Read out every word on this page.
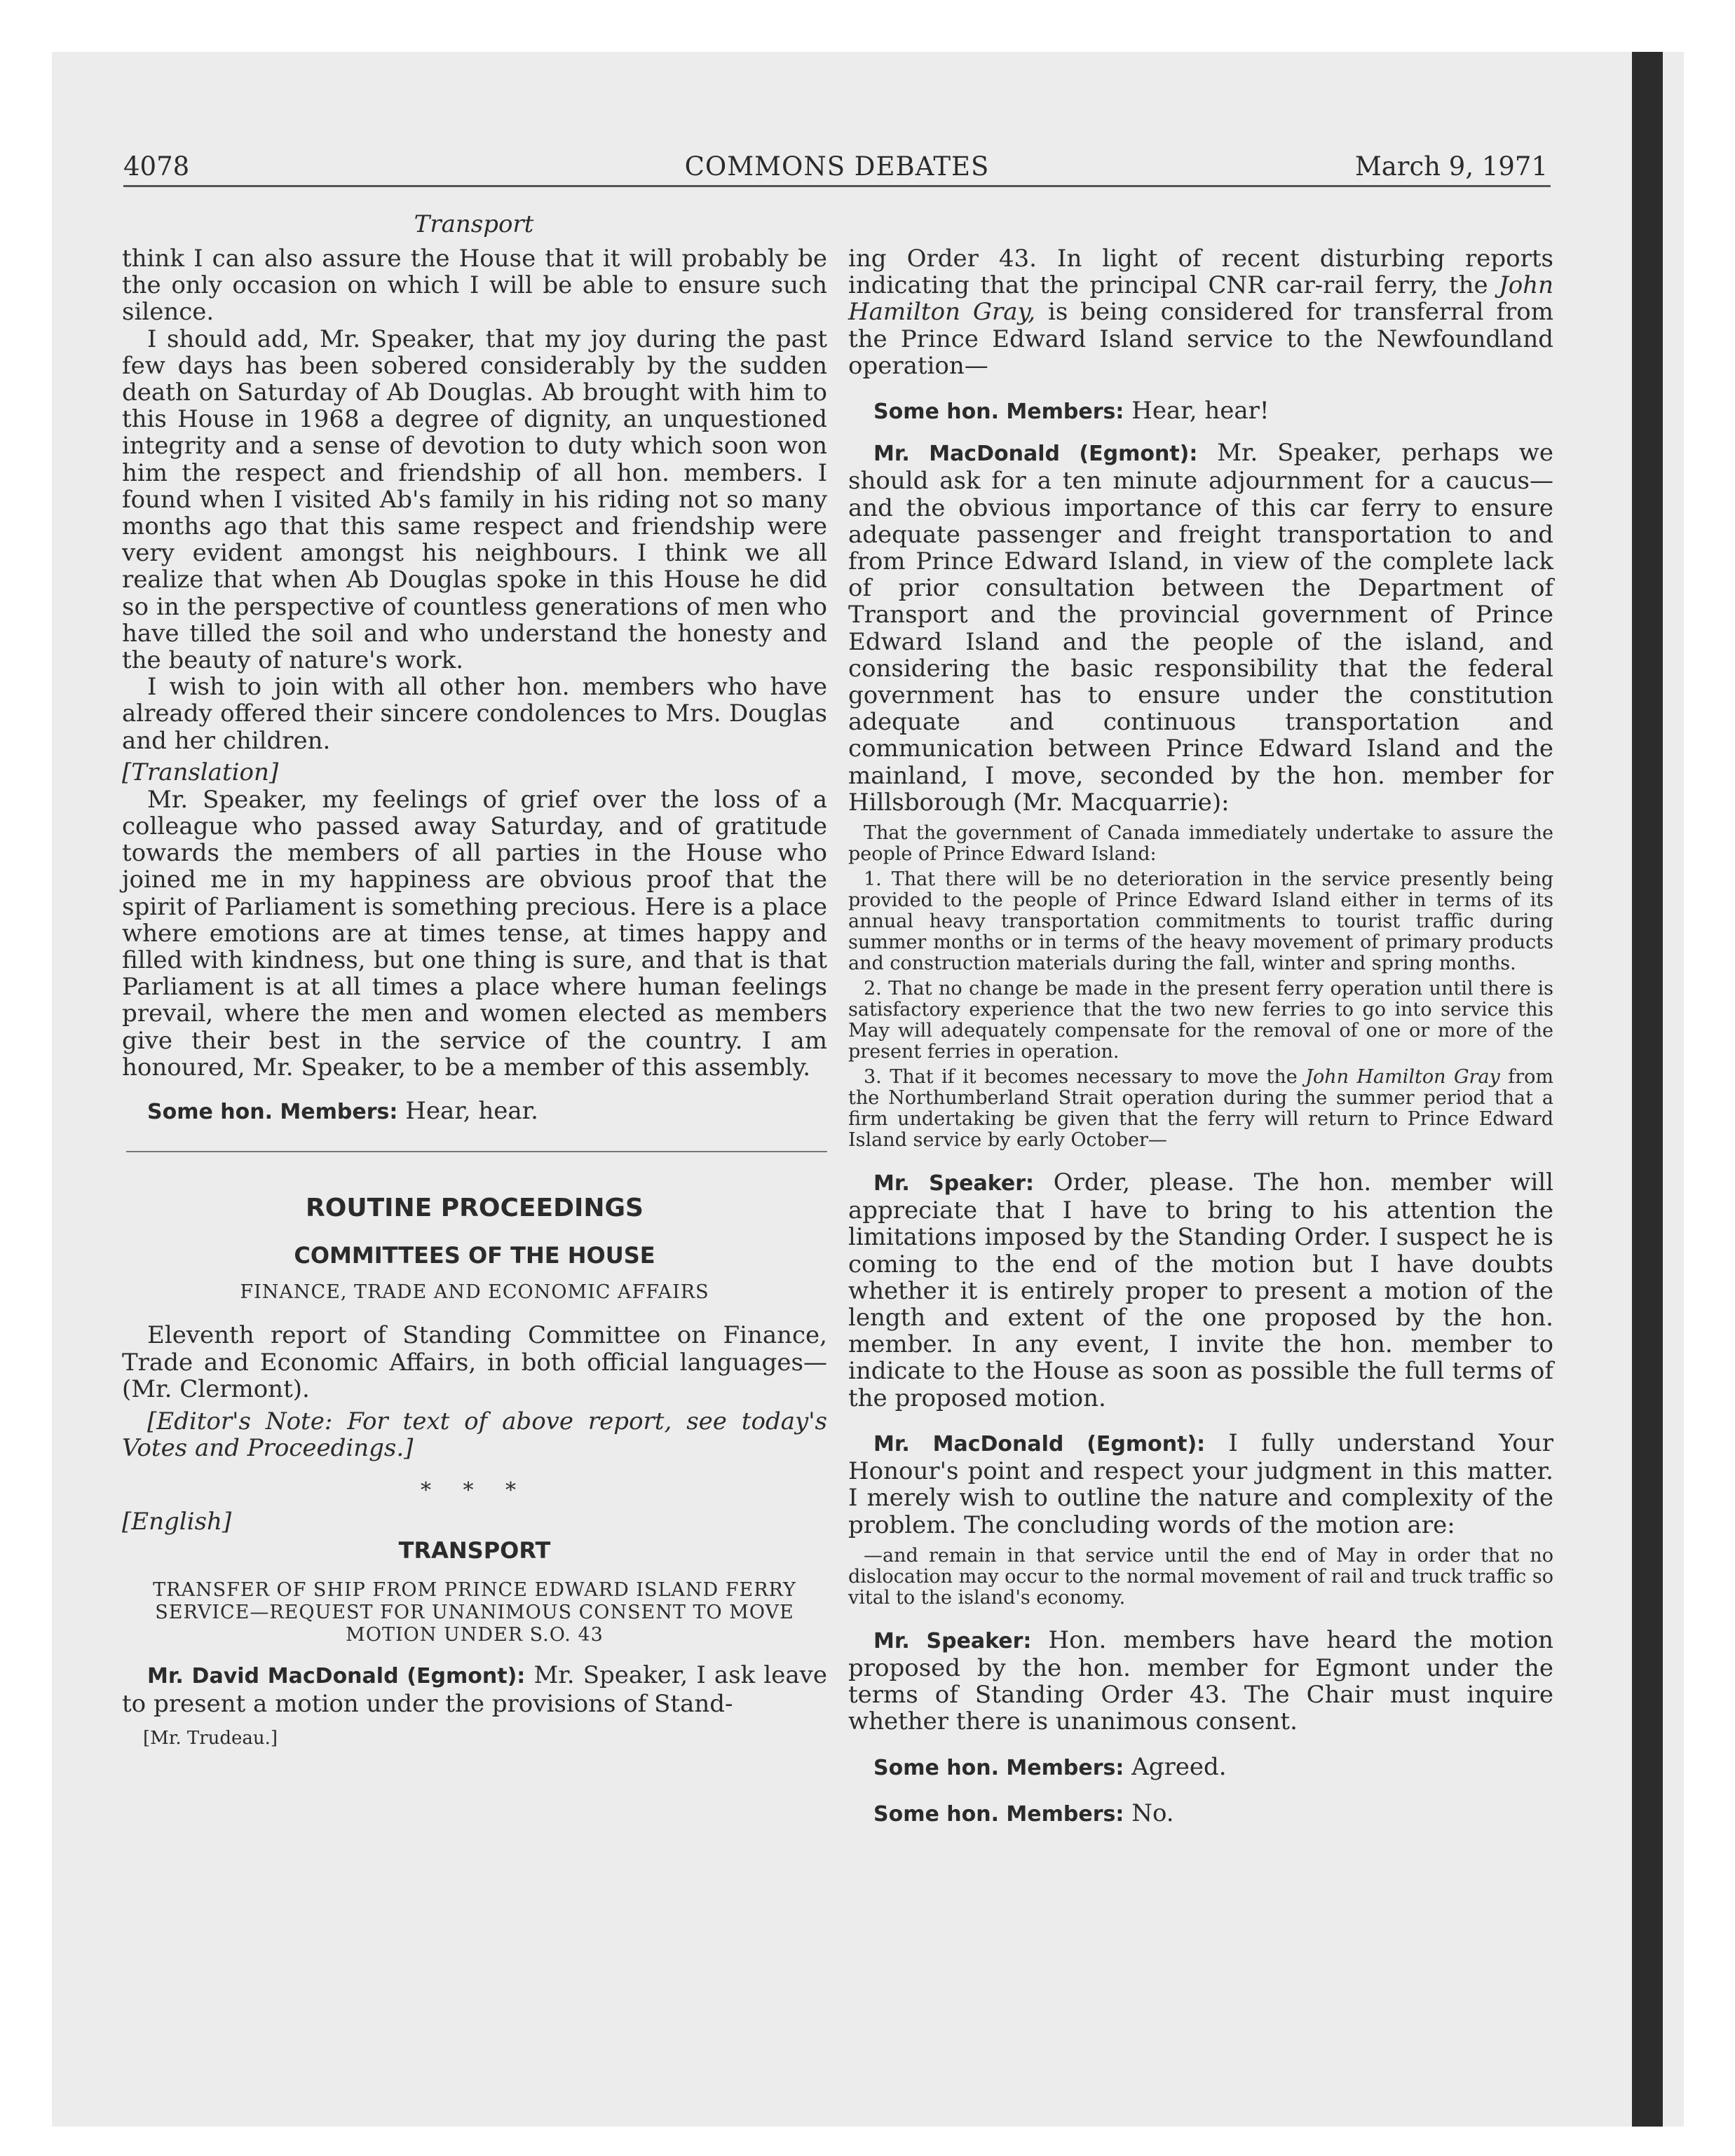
4078	COMMONS DEBATES	March 9, 1971
Transport

think I can also assure the House that it will probably be the only occasion on which I will be able to ensure such silence.

I should add, Mr. Speaker, that my joy during the past few days has been sobered considerably by the sudden death on Saturday of Ab Douglas. Ab brought with him to this House in 1968 a degree of dignity, an unquestioned integrity and a sense of devotion to duty which soon won him the respect and friendship of all hon. members. I found when I visited Ab's family in his riding not so many months ago that this same respect and friendship were very evident amongst his neighbours. I think we all realize that when Ab Douglas spoke in this House he did so in the perspective of countless generations of men who have tilled the soil and who understand the honesty and the beauty of nature's work.

I wish to join with all other hon. members who have already offered their sincere condolences to Mrs. Douglas and her children.

[Translation]

Mr. Speaker, my feelings of grief over the loss of a colleague who passed away Saturday, and of gratitude towards the members of all parties in the House who joined me in my happiness are obvious proof that the spirit of Parliament is something precious. Here is a place where emotions are at times tense, at times happy and filled with kindness, but one thing is sure, and that is that Parliament is at all times a place where human feelings prevail, where the men and women elected as members give their best in the service of the country. I am honoured, Mr. Speaker, to be a member of this assembly.

Some hon. Members: Hear, hear.

ROUTINE PROCEEDINGS

COMMITTEES OF THE HOUSE

FINANCE, TRADE AND ECONOMIC AFFAIRS

Eleventh report of Standing Committee on Finance, Trade and Economic Affairs, in both official languages—(Mr. Clermont).

[Editor's Note: For text of above report, see today's Votes and Proceedings.]

* * *

[English]

TRANSPORT

TRANSFER OF SHIP FROM PRINCE EDWARD ISLAND FERRY SERVICE—REQUEST FOR UNANIMOUS CONSENT TO MOVE MOTION UNDER S.O. 43

Mr. David MacDonald (Egmont): Mr. Speaker, I ask leave to present a motion under the provisions of Stand-

[Mr. Trudeau.]

ing Order 43. In light of recent disturbing reports indicating that the principal CNR car-rail ferry, the John Hamilton Gray, is being considered for transferral from the Prince Edward Island service to the Newfoundland operation—

Some hon. Members: Hear, hear!

Mr. MacDonald (Egmont): Mr. Speaker, perhaps we should ask for a ten minute adjournment for a caucus—and the obvious importance of this car ferry to ensure adequate passenger and freight transportation to and from Prince Edward Island, in view of the complete lack of prior consultation between the Department of Transport and the provincial government of Prince Edward Island and the people of the island, and considering the basic responsibility that the federal government has to ensure under the constitution adequate and continuous transportation and communication between Prince Edward Island and the mainland, I move, seconded by the hon. member for Hillsborough (Mr. Macquarrie):

That the government of Canada immediately undertake to assure the people of Prince Edward Island:

1. That there will be no deterioration in the service presently being provided to the people of Prince Edward Island either in terms of its annual heavy transportation commitments to tourist traffic during summer months or in terms of the heavy movement of primary products and construction materials during the fall, winter and spring months.

2. That no change be made in the present ferry operation until there is satisfactory experience that the two new ferries to go into service this May will adequately compensate for the removal of one or more of the present ferries in operation.

3. That if it becomes necessary to move the John Hamilton Gray from the Northumberland Strait operation during the summer period that a firm undertaking be given that the ferry will return to Prince Edward Island service by early October—

Mr. Speaker: Order, please. The hon. member will appreciate that I have to bring to his attention the limitations imposed by the Standing Order. I suspect he is coming to the end of the motion but I have doubts whether it is entirely proper to present a motion of the length and extent of the one proposed by the hon. member. In any event, I invite the hon. member to indicate to the House as soon as possible the full terms of the proposed motion.

Mr. MacDonald (Egmont): I fully understand Your Honour's point and respect your judgment in this matter. I merely wish to outline the nature and complexity of the problem. The concluding words of the motion are:

—and remain in that service until the end of May in order that no dislocation may occur to the normal movement of rail and truck traffic so vital to the island's economy.

Mr. Speaker: Hon. members have heard the motion proposed by the hon. member for Egmont under the terms of Standing Order 43. The Chair must inquire whether there is unanimous consent.

Some hon. Members: Agreed.

Some hon. Members: No.
